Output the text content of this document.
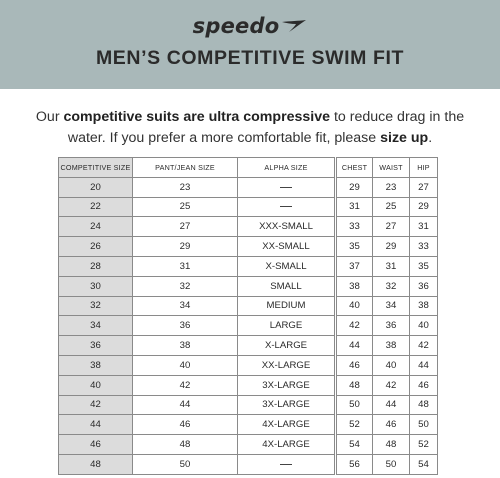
speedo
MEN’S COMPETITIVE SWIM FIT
Our competitive suits are ultra compressive to reduce drag in the water. If you prefer a more comfortable fit, please size up.
COMPETITIVE SIZE	PANT/JEAN SIZE	ALPHA SIZE	CHEST	WAIST	HIP
20	23		29	23	27
22	25		31	25	29
24	27	XXX-SMALL	33	27	31
26	29	XX-SMALL	35	29	33
28	31	X-SMALL	37	31	35
30	32	SMALL	38	32	36
32	34	MEDIUM	40	34	38
34	36	LARGE	42	36	40
36	38	X-LARGE	44	38	42
38	40	XX-LARGE	46	40	44
40	42	3X-LARGE	48	42	46
42	44	3X-LARGE	50	44	48
44	46	4X-LARGE	52	46	50
46	48	4X-LARGE	54	48	52
48	50		56	50	54
